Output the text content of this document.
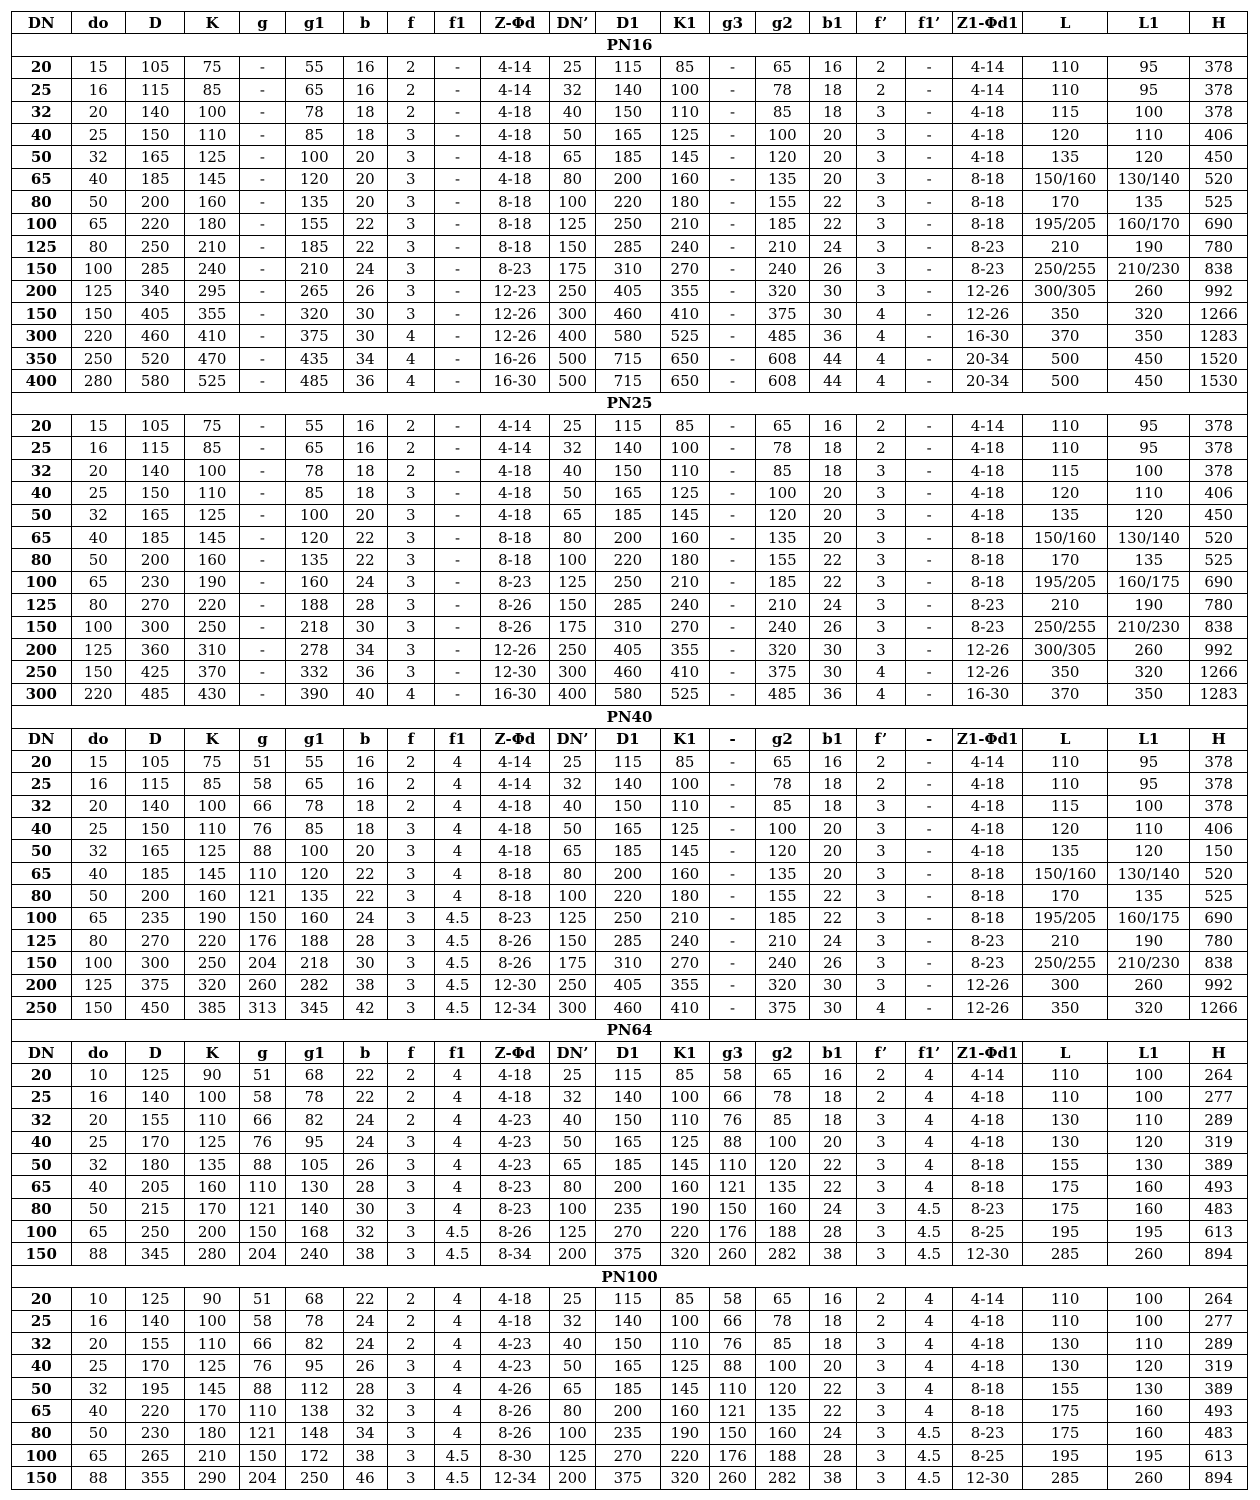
DN	do	D	K	g	g1	b	f	f1	Z-Φd	DN’	D1	K1	g3	g2	b1	f’	f1’	Z1-Φd1	L	L1	H
PN16																					
20	15	105	75	-	55	16	2	-	4-14	25	115	85	-	65	16	2	-	4-14	110	95	378
25	16	115	85	-	65	16	2	-	4-14	32	140	100	-	78	18	2	-	4-14	110	95	378
32	20	140	100	-	78	18	2	-	4-18	40	150	110	-	85	18	3	-	4-18	115	100	378
40	25	150	110	-	85	18	3	-	4-18	50	165	125	-	100	20	3	-	4-18	120	110	406
50	32	165	125	-	100	20	3	-	4-18	65	185	145	-	120	20	3	-	4-18	135	120	450
65	40	185	145	-	120	20	3	-	4-18	80	200	160	-	135	20	3	-	8-18	150/160	130/140	520
80	50	200	160	-	135	20	3	-	8-18	100	220	180	-	155	22	3	-	8-18	170	135	525
100	65	220	180	-	155	22	3	-	8-18	125	250	210	-	185	22	3	-	8-18	195/205	160/170	690
125	80	250	210	-	185	22	3	-	8-18	150	285	240	-	210	24	3	-	8-23	210	190	780
150	100	285	240	-	210	24	3	-	8-23	175	310	270	-	240	26	3	-	8-23	250/255	210/230	838
200	125	340	295	-	265	26	3	-	12-23	250	405	355	-	320	30	3	-	12-26	300/305	260	992
150	150	405	355	-	320	30	3	-	12-26	300	460	410	-	375	30	4	-	12-26	350	320	1266
300	220	460	410	-	375	30	4	-	12-26	400	580	525	-	485	36	4	-	16-30	370	350	1283
350	250	520	470	-	435	34	4	-	16-26	500	715	650	-	608	44	4	-	20-34	500	450	1520
400	280	580	525	-	485	36	4	-	16-30	500	715	650	-	608	44	4	-	20-34	500	450	1530
PN25																					
20	15	105	75	-	55	16	2	-	4-14	25	115	85	-	65	16	2	-	4-14	110	95	378
25	16	115	85	-	65	16	2	-	4-14	32	140	100	-	78	18	2	-	4-18	110	95	378
32	20	140	100	-	78	18	2	-	4-18	40	150	110	-	85	18	3	-	4-18	115	100	378
40	25	150	110	-	85	18	3	-	4-18	50	165	125	-	100	20	3	-	4-18	120	110	406
50	32	165	125	-	100	20	3	-	4-18	65	185	145	-	120	20	3	-	4-18	135	120	450
65	40	185	145	-	120	22	3	-	8-18	80	200	160	-	135	20	3	-	8-18	150/160	130/140	520
80	50	200	160	-	135	22	3	-	8-18	100	220	180	-	155	22	3	-	8-18	170	135	525
100	65	230	190	-	160	24	3	-	8-23	125	250	210	-	185	22	3	-	8-18	195/205	160/175	690
125	80	270	220	-	188	28	3	-	8-26	150	285	240	-	210	24	3	-	8-23	210	190	780
150	100	300	250	-	218	30	3	-	8-26	175	310	270	-	240	26	3	-	8-23	250/255	210/230	838
200	125	360	310	-	278	34	3	-	12-26	250	405	355	-	320	30	3	-	12-26	300/305	260	992
250	150	425	370	-	332	36	3	-	12-30	300	460	410	-	375	30	4	-	12-26	350	320	1266
300	220	485	430	-	390	40	4	-	16-30	400	580	525	-	485	36	4	-	16-30	370	350	1283
PN40																					
DN	do	D	K	g	g1	b	f	f1	Z-Φd	DN’	D1	K1	-	g2	b1	f’	-	Z1-Φd1	L	L1	H
20	15	105	75	51	55	16	2	4	4-14	25	115	85	-	65	16	2	-	4-14	110	95	378
25	16	115	85	58	65	16	2	4	4-14	32	140	100	-	78	18	2	-	4-18	110	95	378
32	20	140	100	66	78	18	2	4	4-18	40	150	110	-	85	18	3	-	4-18	115	100	378
40	25	150	110	76	85	18	3	4	4-18	50	165	125	-	100	20	3	-	4-18	120	110	406
50	32	165	125	88	100	20	3	4	4-18	65	185	145	-	120	20	3	-	4-18	135	120	150
65	40	185	145	110	120	22	3	4	8-18	80	200	160	-	135	20	3	-	8-18	150/160	130/140	520
80	50	200	160	121	135	22	3	4	8-18	100	220	180	-	155	22	3	-	8-18	170	135	525
100	65	235	190	150	160	24	3	4.5	8-23	125	250	210	-	185	22	3	-	8-18	195/205	160/175	690
125	80	270	220	176	188	28	3	4.5	8-26	150	285	240	-	210	24	3	-	8-23	210	190	780
150	100	300	250	204	218	30	3	4.5	8-26	175	310	270	-	240	26	3	-	8-23	250/255	210/230	838
200	125	375	320	260	282	38	3	4.5	12-30	250	405	355	-	320	30	3	-	12-26	300	260	992
250	150	450	385	313	345	42	3	4.5	12-34	300	460	410	-	375	30	4	-	12-26	350	320	1266
PN64																					
DN	do	D	K	g	g1	b	f	f1	Z-Φd	DN’	D1	K1	g3	g2	b1	f’	f1’	Z1-Φd1	L	L1	H
20	10	125	90	51	68	22	2	4	4-18	25	115	85	58	65	16	2	4	4-14	110	100	264
25	16	140	100	58	78	22	2	4	4-18	32	140	100	66	78	18	2	4	4-18	110	100	277
32	20	155	110	66	82	24	2	4	4-23	40	150	110	76	85	18	3	4	4-18	130	110	289
40	25	170	125	76	95	24	3	4	4-23	50	165	125	88	100	20	3	4	4-18	130	120	319
50	32	180	135	88	105	26	3	4	4-23	65	185	145	110	120	22	3	4	8-18	155	130	389
65	40	205	160	110	130	28	3	4	8-23	80	200	160	121	135	22	3	4	8-18	175	160	493
80	50	215	170	121	140	30	3	4	8-23	100	235	190	150	160	24	3	4.5	8-23	175	160	483
100	65	250	200	150	168	32	3	4.5	8-26	125	270	220	176	188	28	3	4.5	8-25	195	195	613
150	88	345	280	204	240	38	3	4.5	8-34	200	375	320	260	282	38	3	4.5	12-30	285	260	894
PN100																					
20	10	125	90	51	68	22	2	4	4-18	25	115	85	58	65	16	2	4	4-14	110	100	264
25	16	140	100	58	78	24	2	4	4-18	32	140	100	66	78	18	2	4	4-18	110	100	277
32	20	155	110	66	82	24	2	4	4-23	40	150	110	76	85	18	3	4	4-18	130	110	289
40	25	170	125	76	95	26	3	4	4-23	50	165	125	88	100	20	3	4	4-18	130	120	319
50	32	195	145	88	112	28	3	4	4-26	65	185	145	110	120	22	3	4	8-18	155	130	389
65	40	220	170	110	138	32	3	4	8-26	80	200	160	121	135	22	3	4	8-18	175	160	493
80	50	230	180	121	148	34	3	4	8-26	100	235	190	150	160	24	3	4.5	8-23	175	160	483
100	65	265	210	150	172	38	3	4.5	8-30	125	270	220	176	188	28	3	4.5	8-25	195	195	613
150	88	355	290	204	250	46	3	4.5	12-34	200	375	320	260	282	38	3	4.5	12-30	285	260	894
